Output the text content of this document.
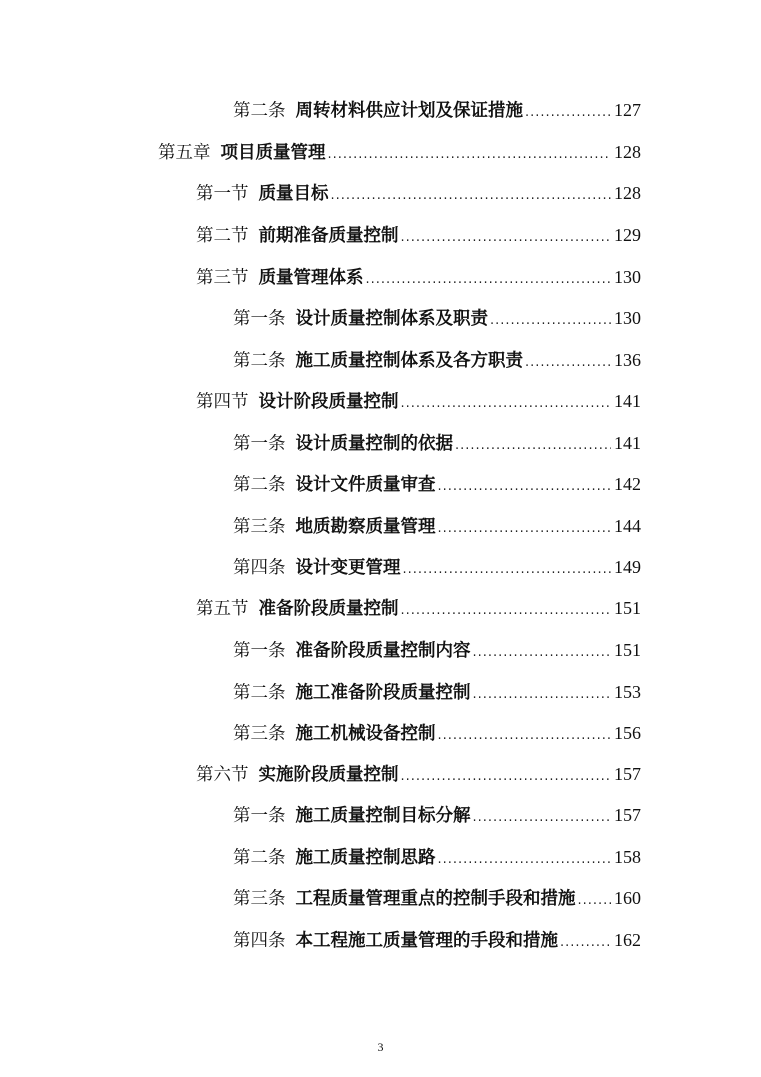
第二条 周转材料供应计划及保证措施 .....	127
第五章 项目质量管理 .....	128
第一节 质量目标 .....	128
第二节 前期准备质量控制 .....	129
第三节 质量管理体系 .....	130
第一条 设计质量控制体系及职责 .....	130
第二条 施工质量控制体系及各方职责 .....	136
第四节 设计阶段质量控制 .....	141
第一条 设计质量控制的依据 .....	141
第二条 设计文件质量审查 .....	142
第三条 地质勘察质量管理 .....	144
第四条 设计变更管理 .....	149
第五节 准备阶段质量控制 .....	151
第一条 准备阶段质量控制内容 .....	151
第二条 施工准备阶段质量控制 .....	153
第三条 施工机械设备控制 .....	156
第六节 实施阶段质量控制 .....	157
第一条 施工质量控制目标分解 .....	157
第二条 施工质量控制思路 .....	158
第三条 工程质量管理重点的控制手段和措施 ..... 160
第四条 本工程施工质量管理的手段和措施 .....	162
3
